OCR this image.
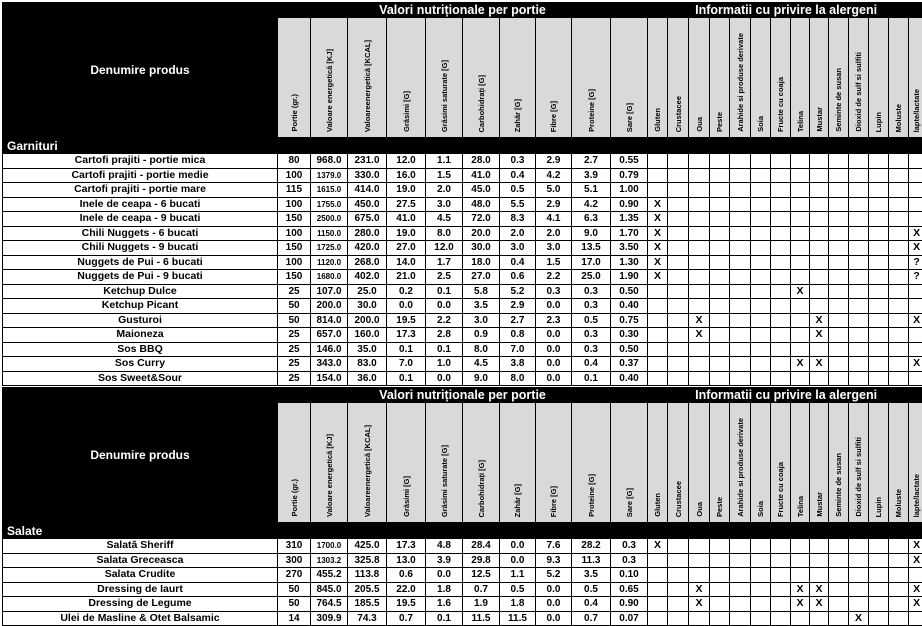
Denumire produs	Valori nutriționale per portie										Informatii cu privire la alergeni													
	Portie (gr.)	Valoare energetică [KJ]	Valoareenergetică [KCAL]	Grăsimi [G]	Grăsimi saturate [G]	Carbohidrați [G]	Zahăr [G]	Fibre [G]	Proteine [G]	Sare [G]	Gluten	Crustacee	Oua	Peste	Arahide si produse derivate	Soia	Fructe cu coaja	Telina	Mustar	Seminte de susan	Dioxid de sulf si sulfiti	Lupin	Moluste	lapte/lactate
Garnituri																								
Cartofi prajiti - portie mica	80	968.0	231.0	12.0	1.1	28.0	0.3	2.9	2.7	0.55														
Cartofi prajiti - portie medie	100	1379.0	330.0	16.0	1.5	41.0	0.4	4.2	3.9	0.79														
Cartofi prajiti - portie mare	115	1615.0	414.0	19.0	2.0	45.0	0.5	5.0	5.1	1.00														
Inele de ceapa - 6 bucati	100	1755.0	450.0	27.5	3.0	48.0	5.5	2.9	4.2	0.90	X													
Inele de ceapa - 9 bucati	150	2500.0	675.0	41.0	4.5	72.0	8.3	4.1	6.3	1.35	X													
Chili Nuggets - 6 bucati	100	1150.0	280.0	19.0	8.0	20.0	2.0	2.0	9.0	1.70	X													X
Chili Nuggets - 9 bucati	150	1725.0	420.0	27.0	12.0	30.0	3.0	3.0	13.5	3.50	X													X
Nuggets de Pui - 6 bucati	100	1120.0	268.0	14.0	1.7	18.0	0.4	1.5	17.0	1.30	X													?
Nuggets de Pui - 9 bucati	150	1680.0	402.0	21.0	2.5	27.0	0.6	2.2	25.0	1.90	X													?
Ketchup Dulce	25	107.0	25.0	0.2	0.1	5.8	5.2	0.3	0.3	0.50								X						
Ketchup Picant	50	200.0	30.0	0.0	0.0	3.5	2.9	0.0	0.3	0.40														
Gusturoi	50	814.0	200.0	19.5	2.2	3.0	2.7	2.3	0.5	0.75			X						X					X
Maioneza	25	657.0	160.0	17.3	2.8	0.9	0.8	0.0	0.3	0.30			X						X					
Sos BBQ	25	146.0	35.0	0.1	0.1	8.0	7.0	0.0	0.3	0.50														
Sos Curry	25	343.0	83.0	7.0	1.0	4.5	3.8	0.0	0.4	0.37								X	X					X
Sos Sweet&Sour	25	154.0	36.0	0.1	0.0	9.0	8.0	0.0	0.1	0.40														
Denumire produs	Valori nutriționale per portie										Informatii cu privire la alergeni													
	Portie (gr.)	Valoare energetică [KJ]	Valoareenergetică [KCAL]	Grăsimi [G]	Grăsimi saturate [G]	Carbohidrați [G]	Zahăr [G]	Fibre [G]	Proteine [G]	Sare [G]	Gluten	Crustacee	Oua	Peste	Arahide si produse derivate	Soia	Fructe cu coaja	Telina	Mustar	Seminte de susan	Dioxid de sulf si sulfiti	Lupin	Moluste	lapte/lactate
Salate																								
Salată Sheriff	310	1700.0	425.0	17.3	4.8	28.4	0.0	7.6	28.2	0.3	X													X
Salata Greceasca	300	1303.2	325.8	13.0	3.9	29.8	0.0	9.3	11.3	0.3														X
Salata Crudite	270	455.2	113.8	0.6	0.0	12.5	1.1	5.2	3.5	0.10														
Dressing de Iaurt	50	845.0	205.5	22.0	1.8	0.7	0.5	0.0	0.5	0.65			X					X	X					X
Dressing de Legume	50	764.5	185.5	19.5	1.6	1.9	1.8	0.0	0.4	0.90			X					X	X					X
Ulei de Masline & Otet Balsamic	14	309.9	74.3	0.7	0.1	11.5	11.5	0.0	0.7	0.07											X			
